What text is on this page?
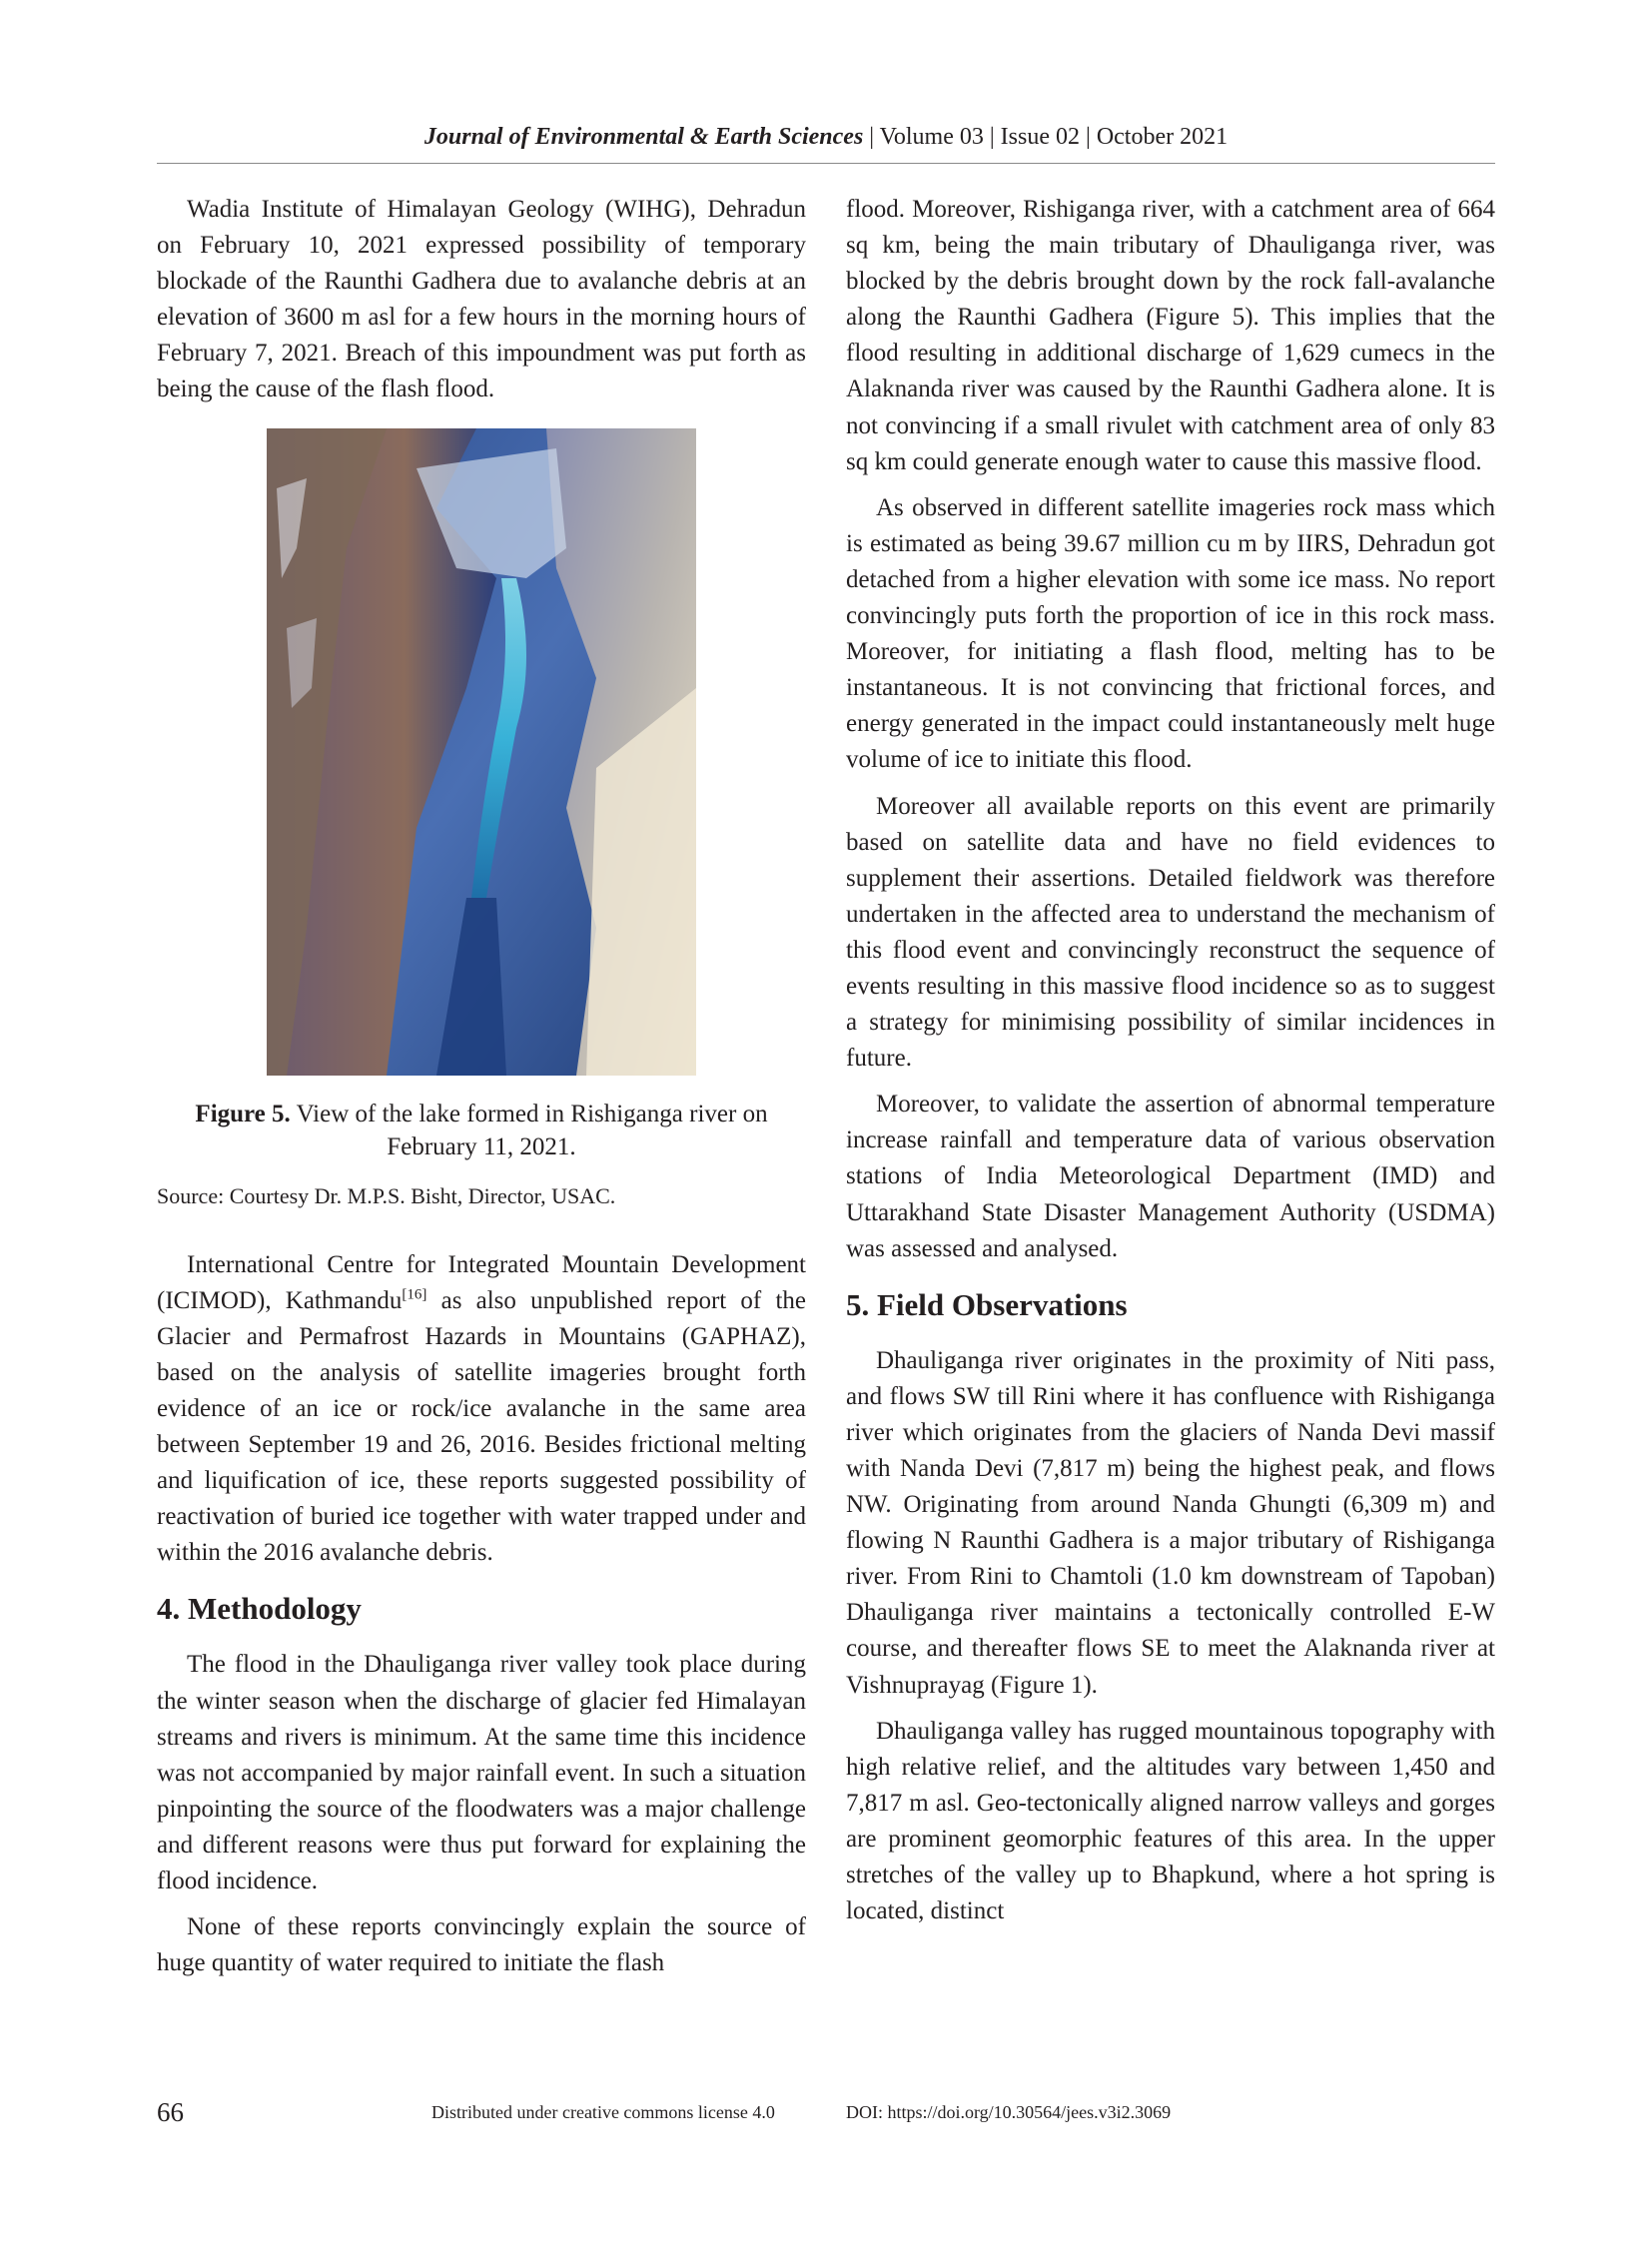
Journal of Environmental & Earth Sciences | Volume 03 | Issue 02 | October 2021

Wadia Institute of Himalayan Geology (WIHG), Dehradun on February 10, 2021 expressed possibility of temporary blockade of the Raunthi Gadhera due to avalanche debris at an elevation of 3600 m asl for a few hours in the morning hours of February 7, 2021. Breach of this impoundment was put forth as being the cause of the flash flood.

Figure 5. View of the lake formed in Rishiganga river on February 11, 2021.

Source: Courtesy Dr. M.P.S. Bisht, Director, USAC.

International Centre for Integrated Mountain Development (ICIMOD), Kathmandu[16] as also unpublished report of the Glacier and Permafrost Hazards in Mountains (GAPHAZ), based on the analysis of satellite imageries brought forth evidence of an ice or rock/ice avalanche in the same area between September 19 and 26, 2016. Besides frictional melting and liquification of ice, these reports suggested possibility of reactivation of buried ice together with water trapped under and within the 2016 avalanche debris.

4. Methodology

The flood in the Dhauliganga river valley took place during the winter season when the discharge of glacier fed Himalayan streams and rivers is minimum. At the same time this incidence was not accompanied by major rainfall event. In such a situation pinpointing the source of the floodwaters was a major challenge and different reasons were thus put forward for explaining the flood incidence.

None of these reports convincingly explain the source of huge quantity of water required to initiate the flash

flood. Moreover, Rishiganga river, with a catchment area of 664 sq km, being the main tributary of Dhauliganga river, was blocked by the debris brought down by the rock fall-avalanche along the Raunthi Gadhera (Figure 5). This implies that the flood resulting in additional discharge of 1,629 cumecs in the Alaknanda river was caused by the Raunthi Gadhera alone. It is not convincing if a small rivulet with catchment area of only 83 sq km could generate enough water to cause this massive flood.

As observed in different satellite imageries rock mass which is estimated as being 39.67 million cu m by IIRS, Dehradun got detached from a higher elevation with some ice mass. No report convincingly puts forth the proportion of ice in this rock mass. Moreover, for initiating a flash flood, melting has to be instantaneous. It is not convincing that frictional forces, and energy generated in the impact could instantaneously melt huge volume of ice to initiate this flood.

Moreover all available reports on this event are primarily based on satellite data and have no field evidences to supplement their assertions. Detailed fieldwork was therefore undertaken in the affected area to understand the mechanism of this flood event and convincingly reconstruct the sequence of events resulting in this massive flood incidence so as to suggest a strategy for minimising possibility of similar incidences in future.

Moreover, to validate the assertion of abnormal temperature increase rainfall and temperature data of various observation stations of India Meteorological Department (IMD) and Uttarakhand State Disaster Management Authority (USDMA) was assessed and analysed.

5. Field Observations

Dhauliganga river originates in the proximity of Niti pass, and flows SW till Rini where it has confluence with Rishiganga river which originates from the glaciers of Nanda Devi massif with Nanda Devi (7,817 m) being the highest peak, and flows NW. Originating from around Nanda Ghungti (6,309 m) and flowing N Raunthi Gadhera is a major tributary of Rishiganga river. From Rini to Chamtoli (1.0 km downstream of Tapoban) Dhauliganga river maintains a tectonically controlled E-W course, and thereafter flows SE to meet the Alaknanda river at Vishnuprayag (Figure 1).

Dhauliganga valley has rugged mountainous topography with high relative relief, and the altitudes vary between 1,450 and 7,817 m asl. Geo-tectonically aligned narrow valleys and gorges are prominent geomorphic features of this area. In the upper stretches of the valley up to Bhapkund, where a hot spring is located, distinct

66	Distributed under creative commons license 4.0	DOI: https://doi.org/10.30564/jees.v3i2.3069
